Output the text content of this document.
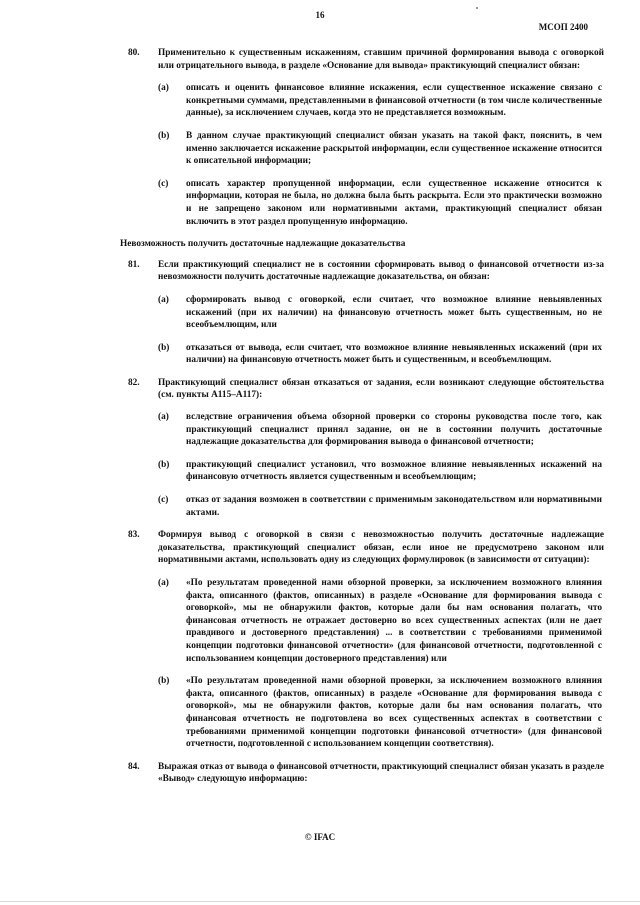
16
МСОП 2400
80. Применительно к существенным искажениям, ставшим причиной формирования вывода с оговоркой или отрицательного вывода, в разделе «Основание для вывода» практикующий специалист обязан:
(a) описать и оценить финансовое влияние искажения, если существенное искажение связано с конкретными суммами, представленными в финансовой отчетности (в том числе количественные данные), за исключением случаев, когда это не представляется возможным.
(b) В данном случае практикующий специалист обязан указать на такой факт, пояснить, в чем именно заключается искажение раскрытой информации, если существенное искажение относится к описательной информации;
(c) описать характер пропущенной информации, если существенное искажение относится к информации, которая не была, но должна была быть раскрыта. Если это практически возможно и не запрещено законом или нормативными актами, практикующий специалист обязан включить в этот раздел пропущенную информацию.
Невозможность получить достаточные надлежащие доказательства
81. Если практикующий специалист не в состоянии сформировать вывод о финансовой отчетности из-за невозможности получить достаточные надлежащие доказательства, он обязан:
(a) сформировать вывод с оговоркой, если считает, что возможное влияние невыявленных искажений (при их наличии) на финансовую отчетность может быть существенным, но не всеобъемлющим, или
(b) отказаться от вывода, если считает, что возможное влияние невыявленных искажений (при их наличии) на финансовую отчетность может быть и существенным, и всеобъемлющим.
82. Практикующий специалист обязан отказаться от задания, если возникают следующие обстоятельства (см. пункты A115–A117):
(a) вследствие ограничения объема обзорной проверки со стороны руководства после того, как практикующий специалист принял задание, он не в состоянии получить достаточные надлежащие доказательства для формирования вывода о финансовой отчетности;
(b) практикующий специалист установил, что возможное влияние невыявленных искажений на финансовую отчетность является существенным и всеобъемлющим;
(c) отказ от задания возможен в соответствии с применимым законодательством или нормативными актами.
83. Формируя вывод с оговоркой в связи с невозможностью получить достаточные надлежащие доказательства, практикующий специалист обязан, если иное не предусмотрено законом или нормативными актами, использовать одну из следующих формулировок (в зависимости от ситуации):
(a) «По результатам проведенной нами обзорной проверки, за исключением возможного влияния факта, описанного (фактов, описанных) в разделе «Основание для формирования вывода с оговоркой», мы не обнаружили фактов, которые дали бы нам основания полагать, что финансовая отчетность не отражает достоверно во всех существенных аспектах (или не дает правдивого и достоверного представления) ... в соответствии с требованиями применимой концепции подготовки финансовой отчетности» (для финансовой отчетности, подготовленной с использованием концепции достоверного представления) или
(b) «По результатам проведенной нами обзорной проверки, за исключением возможного влияния факта, описанного (фактов, описанных) в разделе «Основание для формирования вывода с оговоркой», мы не обнаружили фактов, которые дали бы нам основания полагать, что финансовая отчетность не подготовлена во всех существенных аспектах в соответствии с требованиями применимой концепции подготовки финансовой отчетности» (для финансовой отчетности, подготовленной с использованием концепции соответствия).
84. Выражая отказ от вывода о финансовой отчетности, практикующий специалист обязан указать в разделе «Вывод» следующую информацию:
© IFAC
